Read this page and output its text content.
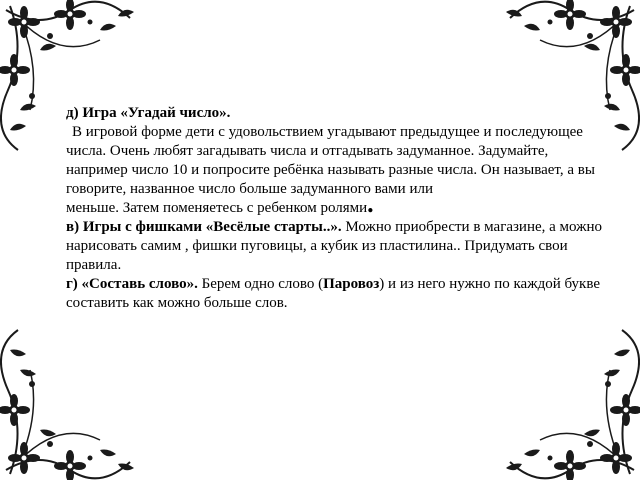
д) Игра «Угадай число».
В игровой форме дети с удовольствием угадывают предыдущее и последующее числа. Очень любят загадывать числа и отгадывать задуманное. Задумайте, например число 10 и попросите ребёнка называть разные числа. Он называет, а вы говорите, названное число больше задуманного вами или

меньше. Затем поменяетесь с ребенком ролями.

в) Игры с фишками «Весёлые старты..». Можно приобрести в магазине, а можно нарисовать самим , фишки пуговицы, а кубик из пластилина.. Придумать свои правила.

г) «Составь слово». Берем одно слово (Паровоз) и из него нужно по каждой букве составить как можно больше слов.
